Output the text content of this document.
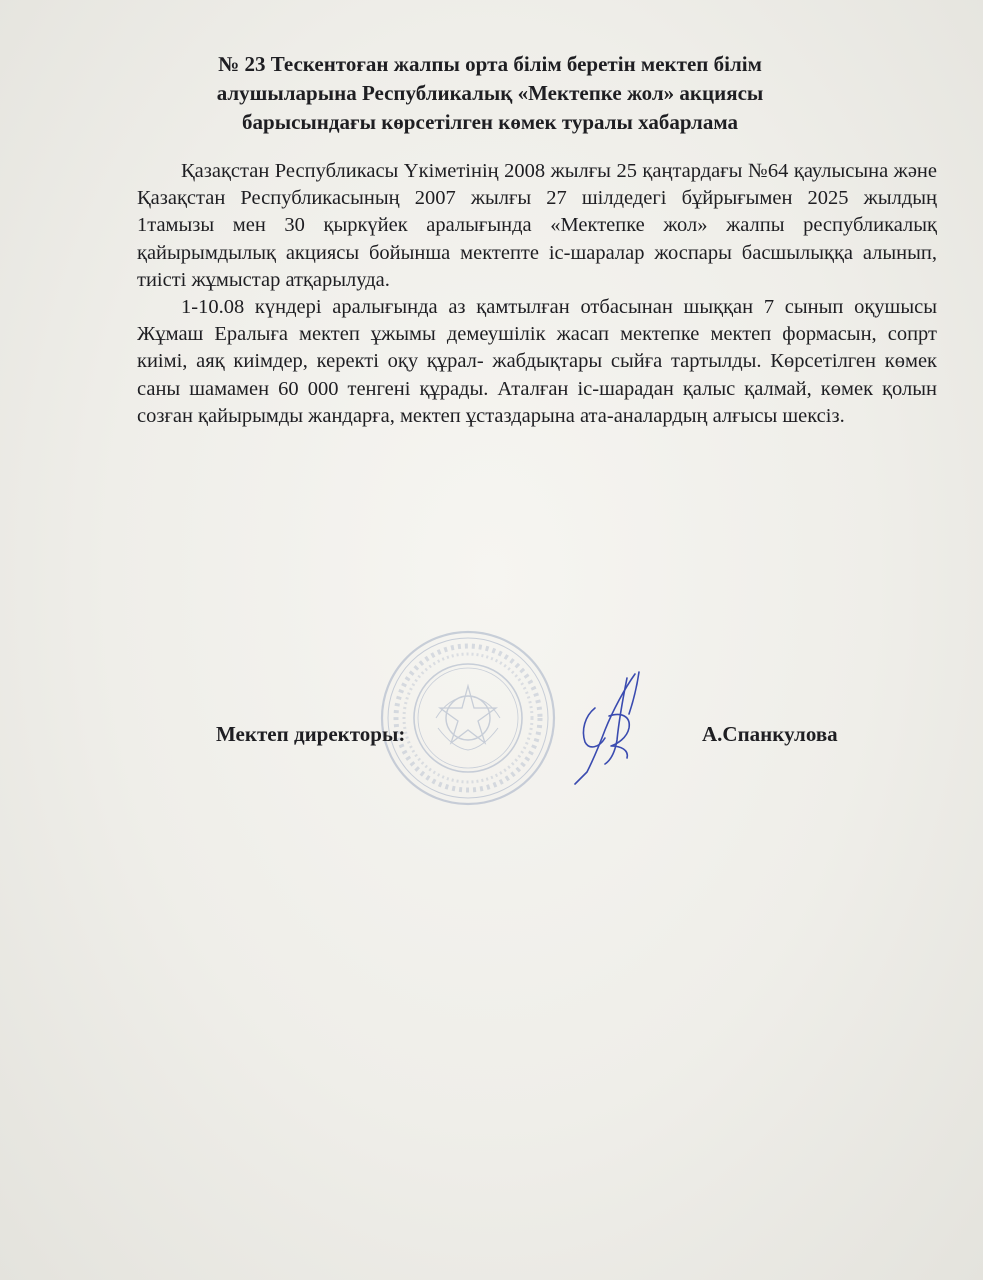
№ 23 Тескентоған жалпы орта білім беретін мектеп білім
алушыларына Республикалық «Мектепке жол» акциясы
барысындағы көрсетілген көмек туралы хабарлама

Қазақстан Республикасы Үкіметінің 2008 жылғы 25 қаңтардағы №64 қаулысына және Қазақстан Республикасының 2007 жылғы 27 шілдедегі бұйрығымен 2025 жылдың 1тамызы мен 30 қыркүйек аралығында «Мектепке жол» жалпы республикалық қайырымдылық акциясы бойынша мектепте іс-шаралар жоспары басшылыққа алынып, тиісті жұмыстар атқарылуда.

1-10.08 күндері аралығында аз қамтылған отбасынан шыққан 7 сынып оқушысы Жұмаш Ералыға мектеп ұжымы демеушілік жасап мектепке мектеп формасын, сопрт киімі, аяқ киімдер, керекті оқу құрал- жабдықтары сыйға тартылды. Көрсетілген көмек саны шамамен 60 000 тенгені құрады. Аталған іс-шарадан қалыс қалмай, көмек қолын созған қайырымды жандарға, мектеп ұстаздарына ата-аналардың алғысы шексіз.

Мектеп директоры:	А.Спанкулова
